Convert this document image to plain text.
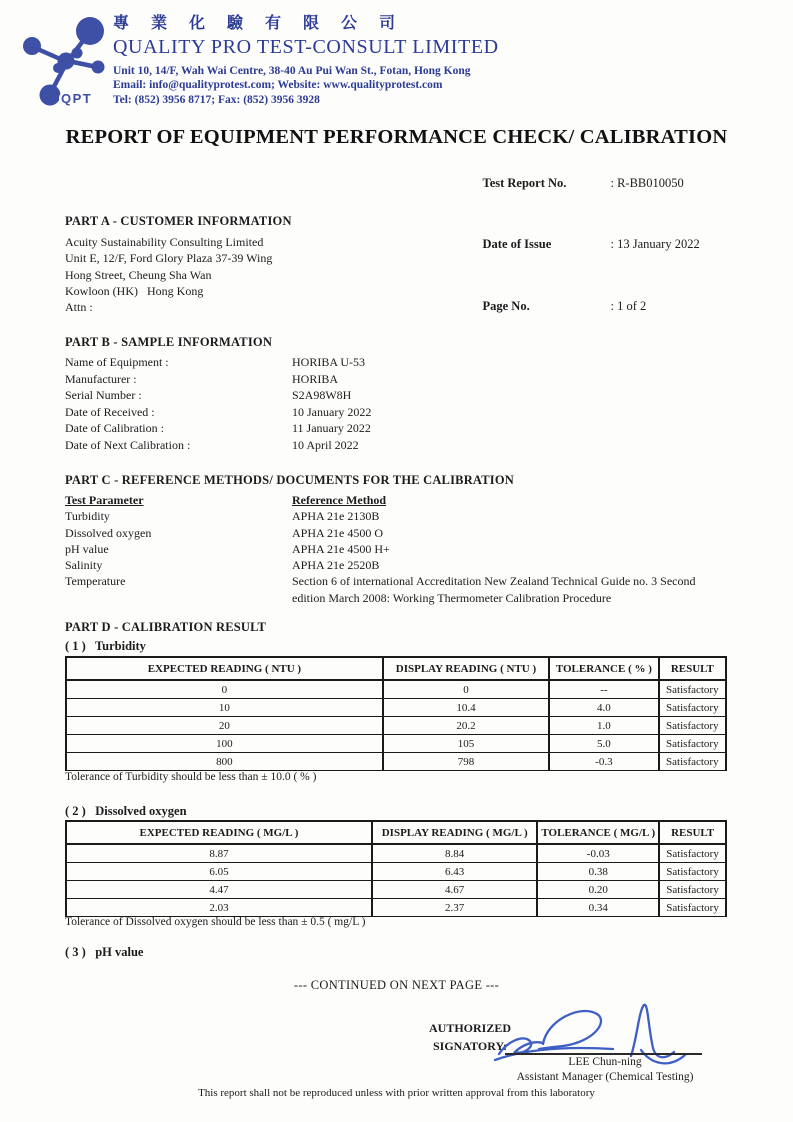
QPT
專 業 化 驗 有 限 公 司
QUALITY PRO TEST-CONSULT LIMITED
Unit 10, 14/F, Wah Wai Centre, 38-40 Au Pui Wan St., Fotan, Hong Kong
Email: info@qualityprotest.com; Website: www.qualityprotest.com
Tel: (852) 3956 8717; Fax: (852) 3956 3928
REPORT OF EQUIPMENT PERFORMANCE CHECK/ CALIBRATION

Test Report No.	: R-BB010050

Date of Issue	: 13 January 2022

Page No.	: 1 of 2

PART A - CUSTOMER INFORMATION
Acuity Sustainability Consulting Limited
Unit E, 12/F, Ford Glory Plaza 37-39 Wing
Hong Street, Cheung Sha Wan
Kowloon (HK)   Hong Kong
Attn :
PART B - SAMPLE INFORMATION
Name of Equipment :	HORIBA U-53
Manufacturer :	HORIBA
Serial Number :	S2A98W8H
Date of Received :	10 January 2022
Date of Calibration :	11 January 2022
Date of Next Calibration :	10 April 2022
PART C - REFERENCE METHODS/ DOCUMENTS FOR THE CALIBRATION
Test Parameter	Reference Method
Turbidity	APHA 21e 2130B
Dissolved oxygen	APHA 21e 4500 O
pH value	APHA 21e 4500 H+
Salinity	APHA 21e 2520B
Temperature	Section 6 of international Accreditation New Zealand Technical Guide no. 3 Second edition March 2008: Working Thermometer Calibration Procedure
PART D - CALIBRATION RESULT
( 1 )   Turbidity
EXPECTED READING ( NTU )	DISPLAY READING ( NTU )	TOLERANCE ( % )	RESULT
0	0	--	Satisfactory
10	10.4	4.0	Satisfactory
20	20.2	1.0	Satisfactory
100	105	5.0	Satisfactory
800	798	-0.3	Satisfactory
Tolerance of Turbidity should be less than ± 10.0 ( % )
( 2 )   Dissolved oxygen
EXPECTED READING ( MG/L )	DISPLAY READING ( MG/L )	TOLERANCE ( MG/L )	RESULT
8.87	8.84	-0.03	Satisfactory
6.05	6.43	0.38	Satisfactory
4.47	4.67	0.20	Satisfactory
2.03	2.37	0.34	Satisfactory
Tolerance of Dissolved oxygen should be less than ± 0.5 ( mg/L )
( 3 )   pH value
--- CONTINUED ON NEXT PAGE ---
AUTHORIZED
SIGNATORY:
LEE Chun-ning
Assistant Manager (Chemical Testing)
This report shall not be reproduced unless with prior written approval from this laboratory
